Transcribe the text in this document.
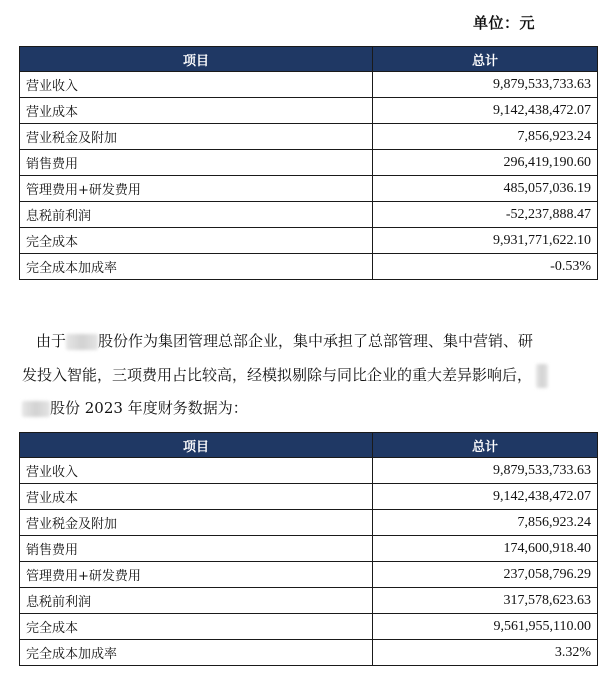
单位：元
项目	总计
营业收入	9,879,533,733.63
营业成本	9,142,438,472.07
营业税金及附加	7,856,923.24
销售费用	296,419,190.60
管理费用+研发费用	485,057,036.19
息税前利润	-52,237,888.47
完全成本	9,931,771,622.10
完全成本加成率	-0.53%
由于 股份作为集团管理总部企业，集中承担了总部管理、集中营销、研
发投入智能，三项费用占比较高，经模拟剔除与同比企业的重大差异影响后，
股份 2023 年度财务数据为：
项目	总计
营业收入	9,879,533,733.63
营业成本	9,142,438,472.07
营业税金及附加	7,856,923.24
销售费用	174,600,918.40
管理费用+研发费用	237,058,796.29
息税前利润	317,578,623.63
完全成本	9,561,955,110.00
完全成本加成率	3.32%
